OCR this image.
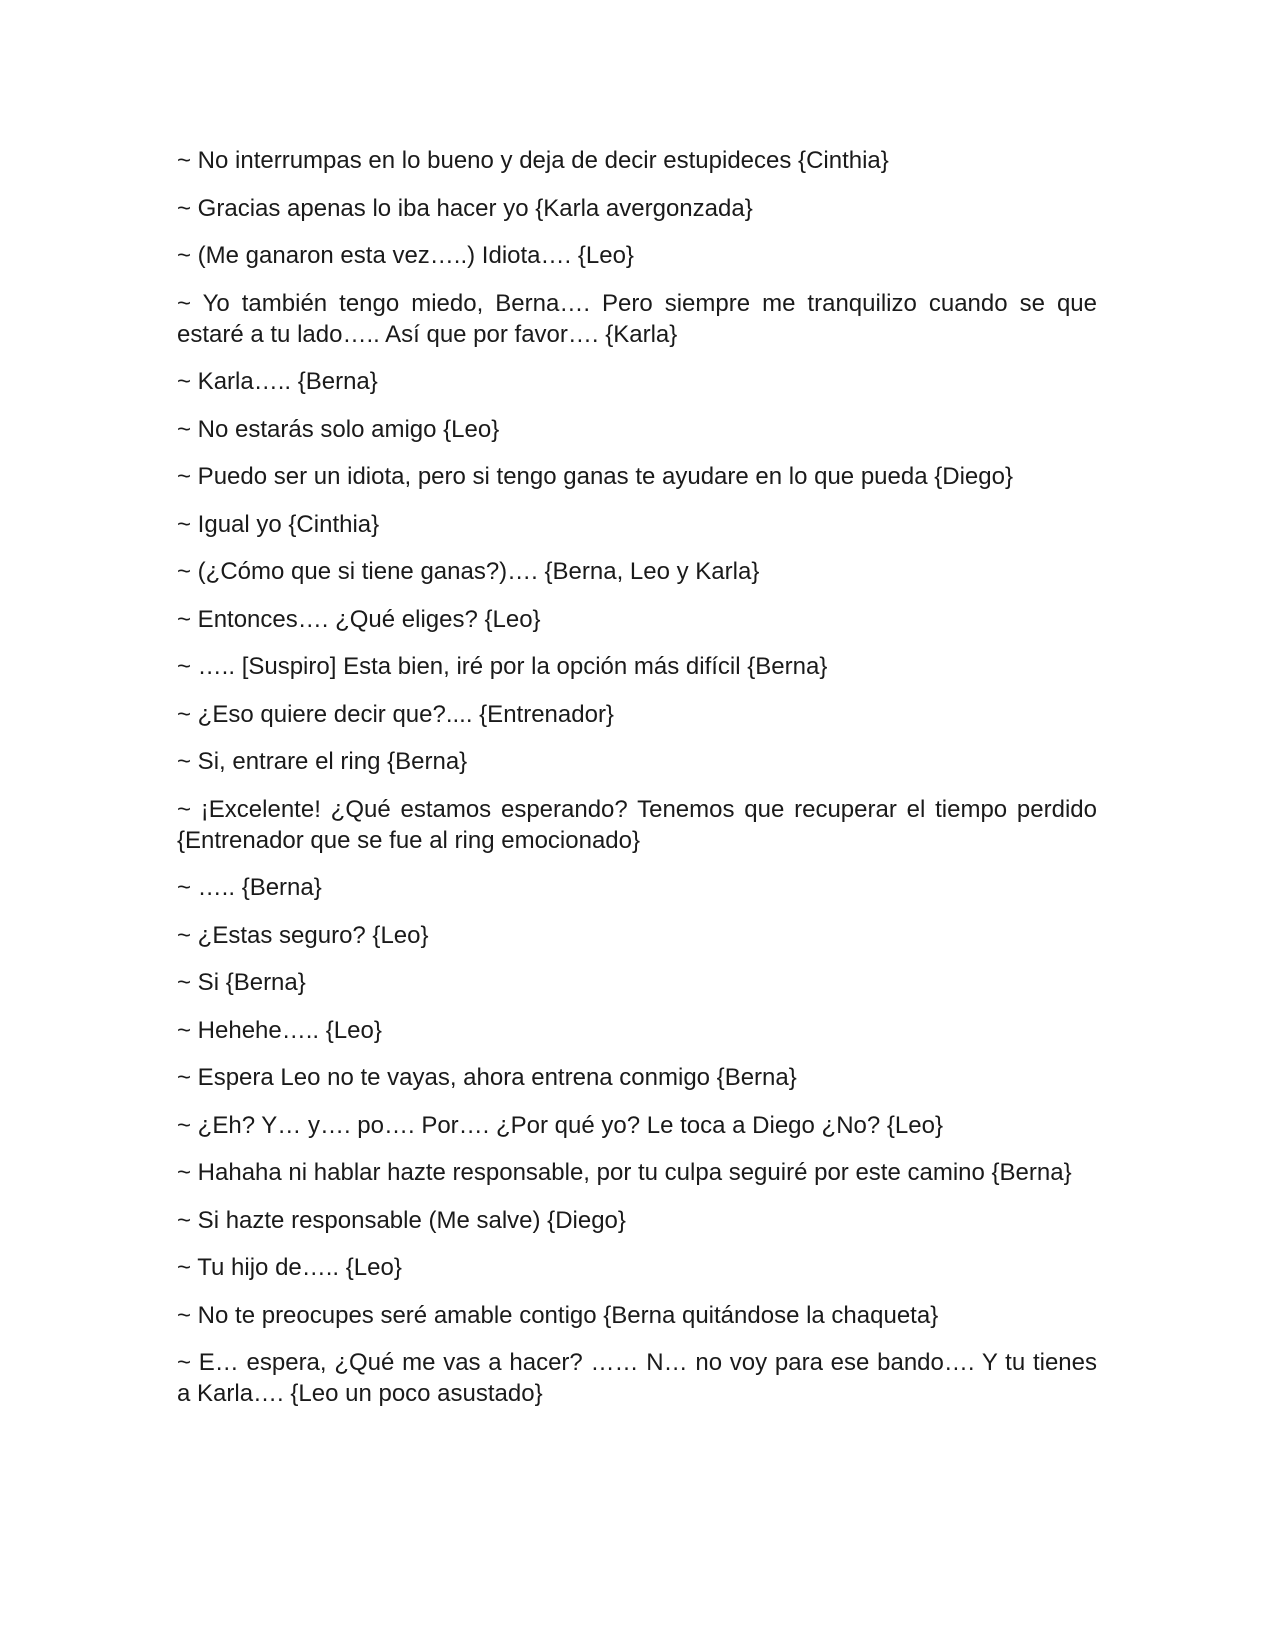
~ No interrumpas en lo bueno y deja de decir estupideces {Cinthia}

~ Gracias apenas lo iba hacer yo {Karla avergonzada}

~ (Me ganaron esta vez…..) Idiota…. {Leo}

~ Yo también tengo miedo, Berna…. Pero siempre me tranquilizo cuando se que estaré a tu lado….. Así que por favor…. {Karla}

~ Karla….. {Berna}

~ No estarás solo amigo {Leo}

~ Puedo ser un idiota, pero si tengo ganas te ayudare en lo que pueda {Diego}

~ Igual yo {Cinthia}

~ (¿Cómo que si tiene ganas?)…. {Berna, Leo y Karla}

~ Entonces…. ¿Qué eliges? {Leo}

~ ….. [Suspiro] Esta bien, iré por la opción más difícil {Berna}

~ ¿Eso quiere decir que?.... {Entrenador}

~ Si, entrare el ring {Berna}

~ ¡Excelente! ¿Qué estamos esperando? Tenemos que recuperar el tiempo perdido {Entrenador que se fue al ring emocionado}

~ ….. {Berna}

~ ¿Estas seguro? {Leo}

~ Si {Berna}

~ Hehehe….. {Leo}

~ Espera Leo no te vayas, ahora entrena conmigo {Berna}

~ ¿Eh? Y… y…. po…. Por…. ¿Por qué yo? Le toca a Diego ¿No? {Leo}

~ Hahaha ni hablar hazte responsable, por tu culpa seguiré por este camino {Berna}

~ Si hazte responsable (Me salve) {Diego}

~ Tu hijo de….. {Leo}

~ No te preocupes seré amable contigo {Berna quitándose la chaqueta}

~ E… espera, ¿Qué me vas a hacer? …… N… no voy para ese bando…. Y tu tienes a Karla…. {Leo un poco asustado}
